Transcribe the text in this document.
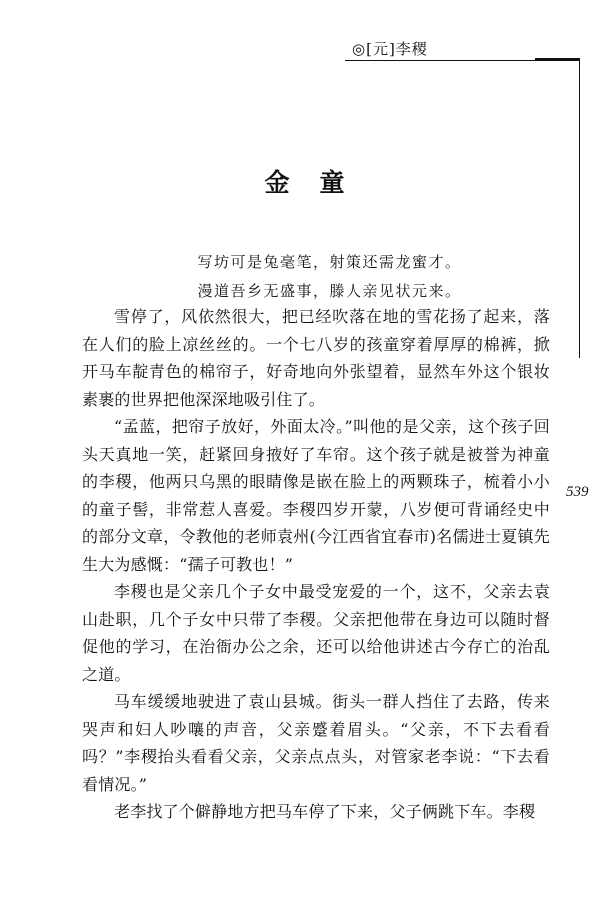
◎[元]李稷
539
金童
写坊可是兔毫笔，射策还需龙蜜才。
漫道吾乡无盛事，滕人亲见状元来。

雪停了，风依然很大，把已经吹落在地的雪花扬了起来，落在人们的脸上凉丝丝的。一个七八岁的孩童穿着厚厚的棉裤，掀开马车靛青色的棉帘子，好奇地向外张望着，显然车外这个银妆素裹的世界把他深深地吸引住了。

“孟蓝，把帘子放好，外面太冷。”叫他的是父亲，这个孩子回头天真地一笑，赶紧回身掖好了车帘。这个孩子就是被誉为神童的李稷，他两只乌黑的眼睛像是嵌在脸上的两颗珠子，梳着小小的童子髻，非常惹人喜爱。李稷四岁开蒙，八岁便可背诵经史中的部分文章，令教他的老师袁州(今江西省宜春市)名儒进士夏镇先生大为感慨：“孺子可教也！”

李稷也是父亲几个子女中最受宠爱的一个，这不，父亲去袁山赴职，几个子女中只带了李稷。父亲把他带在身边可以随时督促他的学习，在治衙办公之余，还可以给他讲述古今存亡的治乱之道。

马车缓缓地驶进了袁山县城。街头一群人挡住了去路，传来哭声和妇人吵嚷的声音，父亲蹙着眉头。“父亲，不下去看看吗？”李稷抬头看看父亲，父亲点点头，对管家老李说：“下去看看情况。”

老李找了个僻静地方把马车停了下来，父子俩跳下车。李稷
